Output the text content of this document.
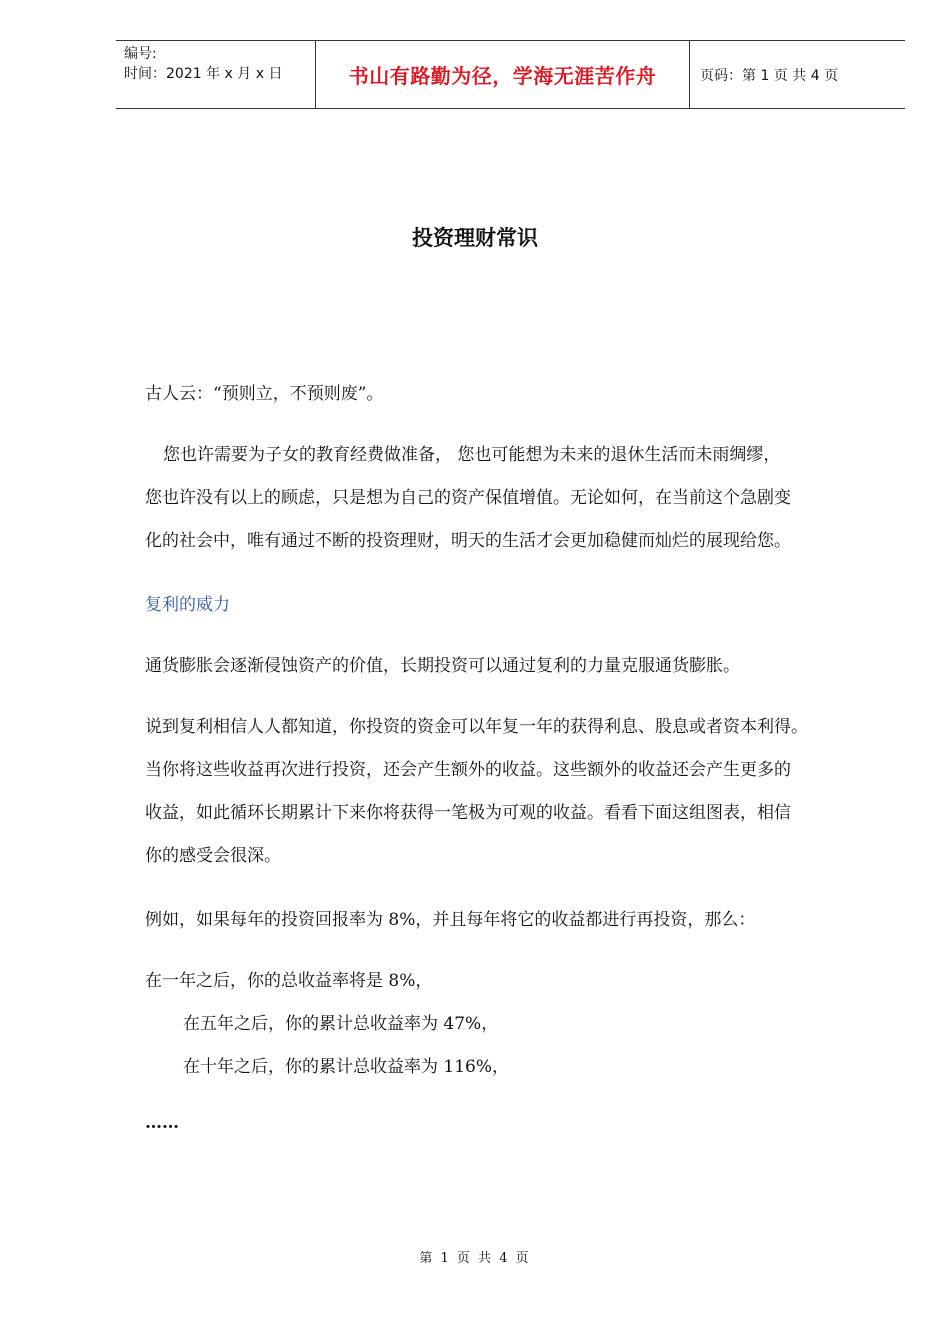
编号:
时间：2021 年 x 月 x 日	书山有路勤为径，学海无涯苦作舟	页码：第 1 页 共 4 页
投资理财常识
古人云：“预则立，不预则废”。
您也许需要为子女的教育经费做准备， 您也可能想为未来的退休生活而未雨绸缪，
您也许没有以上的顾虑，只是想为自己的资产保值增值。无论如何，在当前这个急剧变
化的社会中，唯有通过不断的投资理财，明天的生活才会更加稳健而灿烂的展现给您。
复利的威力
通货膨胀会逐渐侵蚀资产的价值，长期投资可以通过复利的力量克服通货膨胀。
说到复利相信人人都知道，你投资的资金可以年复一年的获得利息、股息或者资本利得。
当你将这些收益再次进行投资，还会产生额外的收益。这些额外的收益还会产生更多的
收益，如此循环长期累计下来你将获得一笔极为可观的收益。看看下面这组图表，相信
你的感受会很深。
例如，如果每年的投资回报率为 8%，并且每年将它的收益都进行再投资，那么：
在一年之后，你的总收益率将是 8%，
在五年之后，你的累计总收益率为 47%，
在十年之后，你的累计总收益率为 116%，
……
第 1 页 共 4 页
